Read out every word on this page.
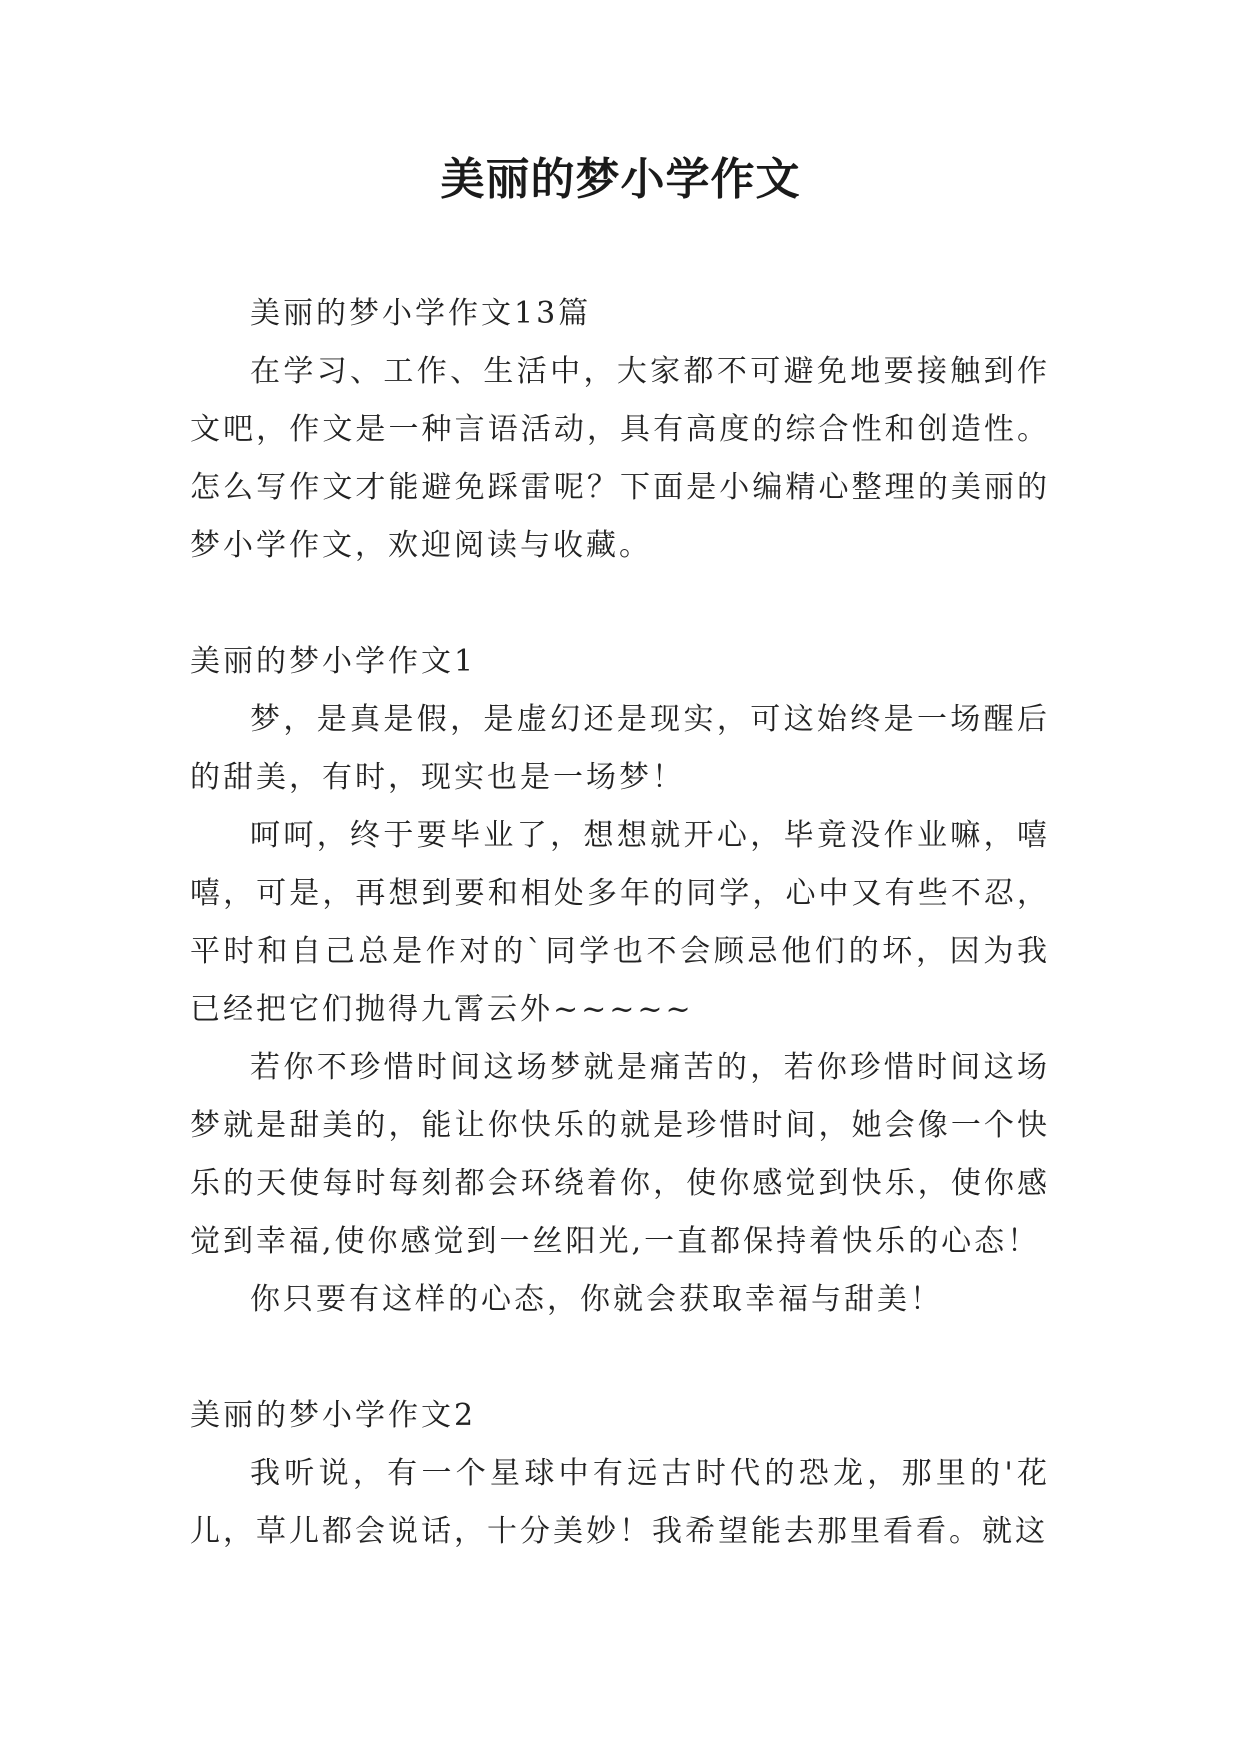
美丽的梦小学作文

美丽的梦小学作文13篇

在学习、工作、生活中，大家都不可避免地要接触到作文吧，作文是一种言语活动，具有高度的综合性和创造性。怎么写作文才能避免踩雷呢？下面是小编精心整理的美丽的梦小学作文，欢迎阅读与收藏。

美丽的梦小学作文1

梦，是真是假，是虚幻还是现实，可这始终是一场醒后的甜美，有时，现实也是一场梦！

呵呵，终于要毕业了，想想就开心，毕竟没作业嘛，嘻嘻，可是，再想到要和相处多年的同学，心中又有些不忍，平时和自己总是作对的`同学也不会顾忌他们的坏，因为我已经把它们抛得九霄云外~~~~~

若你不珍惜时间这场梦就是痛苦的，若你珍惜时间这场梦就是甜美的，能让你快乐的就是珍惜时间，她会像一个快乐的天使每时每刻都会环绕着你，使你感觉到快乐，使你感觉到幸福,使你感觉到一丝阳光,一直都保持着快乐的心态！

你只要有这样的心态，你就会获取幸福与甜美！

美丽的梦小学作文2

我听说，有一个星球中有远古时代的恐龙，那里的'花儿，草儿都会说话，十分美妙！我希望能去那里看看。就这
